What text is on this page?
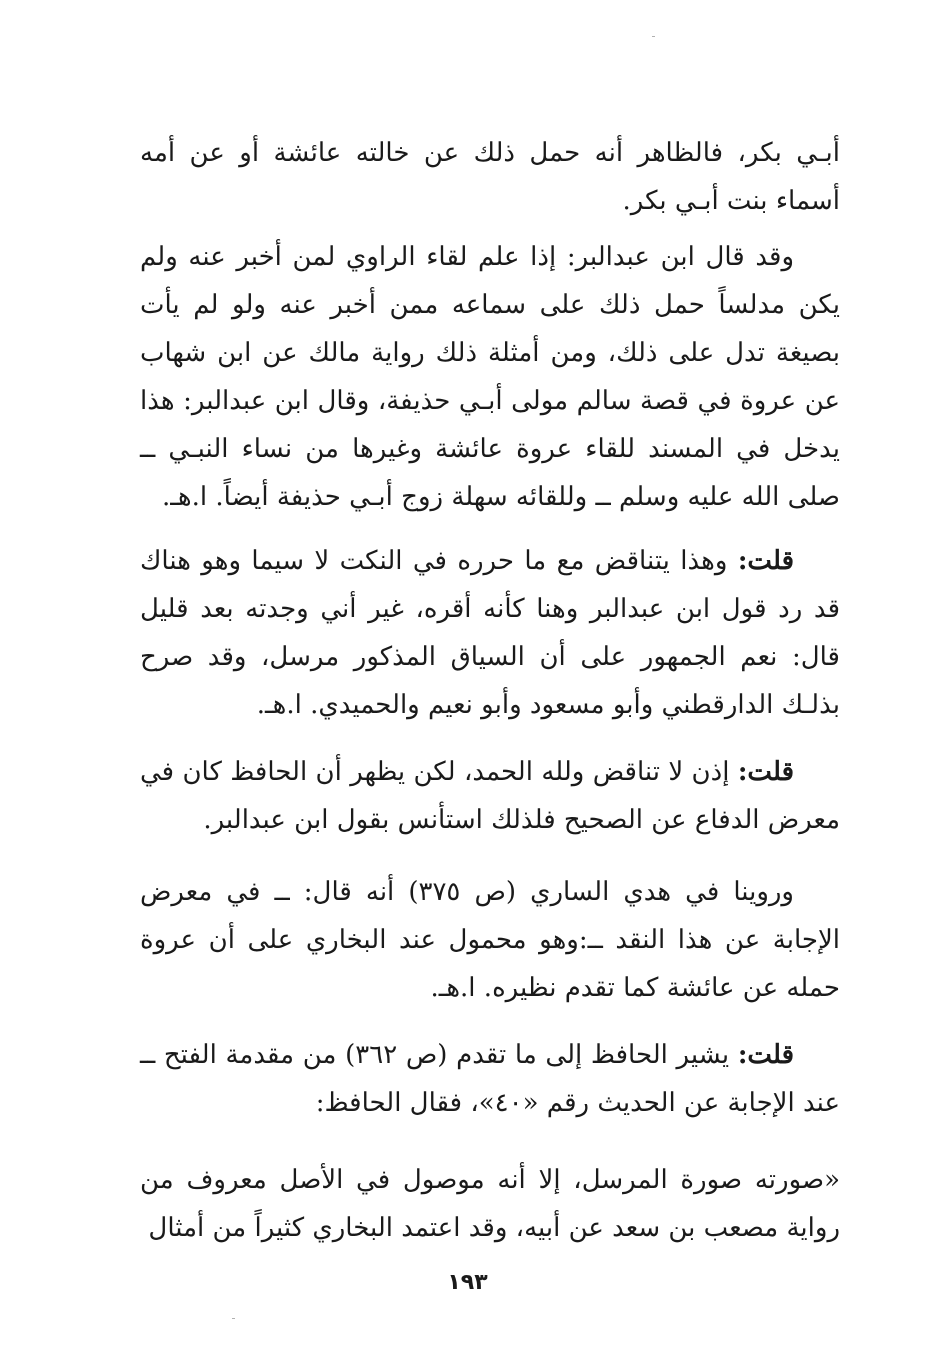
أبـي بكر، فالظاهر أنه حمل ذلك عن خالته عائشة أو عن أمه أسماء بنت أبـي بكر.

وقد قال ابن عبدالبر: إذا علم لقاء الراوي لمن أخبر عنه ولم يكن مدلساً حمل ذلك على سماعه ممن أخبر عنه ولو لم يأت بصيغة تدل على ذلك، ومن أمثلة ذلك رواية مالك عن ابن شهاب عن عروة في قصة سالم مولى أبـي حذيفة، وقال ابن عبدالبر: هذا يدخل في المسند للقاء عروة عائشة وغيرها من نساء النبـي ــ صلى الله عليه وسلم ــ وللقائه سهلة زوج أبـي حذيفة أيضاً. ا.هـ.

قلت: وهذا يتناقض مع ما حرره في النكت لا سيما وهو هناك قد رد قول ابن عبدالبر وهنا كأنه أقره، غير أني وجدته بعد قليل قال: نعم الجمهور على أن السياق المذكور مرسل، وقد صرح بذلـك الدارقطني وأبو مسعود وأبو نعيم والحميدي. ا.هـ.

قلت: إذن لا تناقض ولله الحمد، لكن يظهر أن الحافظ كان في معرض الدفاع عن الصحيح فلذلك استأنس بقول ابن عبدالبر.

وروينا في هدي الساري (ص ٣٧٥) أنه قال: ــ في معرض الإجابة عن هذا النقد ــ:وهو محمول عند البخاري على أن عروة حمله عن عائشة كما تقدم نظيره. ا.هـ.

قلت: يشير الحافظ إلى ما تقدم (ص ٣٦٢) من مقدمة الفتح ــ عند الإجابة عن الحديث رقم «٤٠»، فقال الحافظ:

«صورته صورة المرسل، إلا أنه موصول في الأصل معروف من رواية مصعب بن سعد عن أبيه، وقد اعتمد البخاري كثيراً من أمثال

١٩٣
